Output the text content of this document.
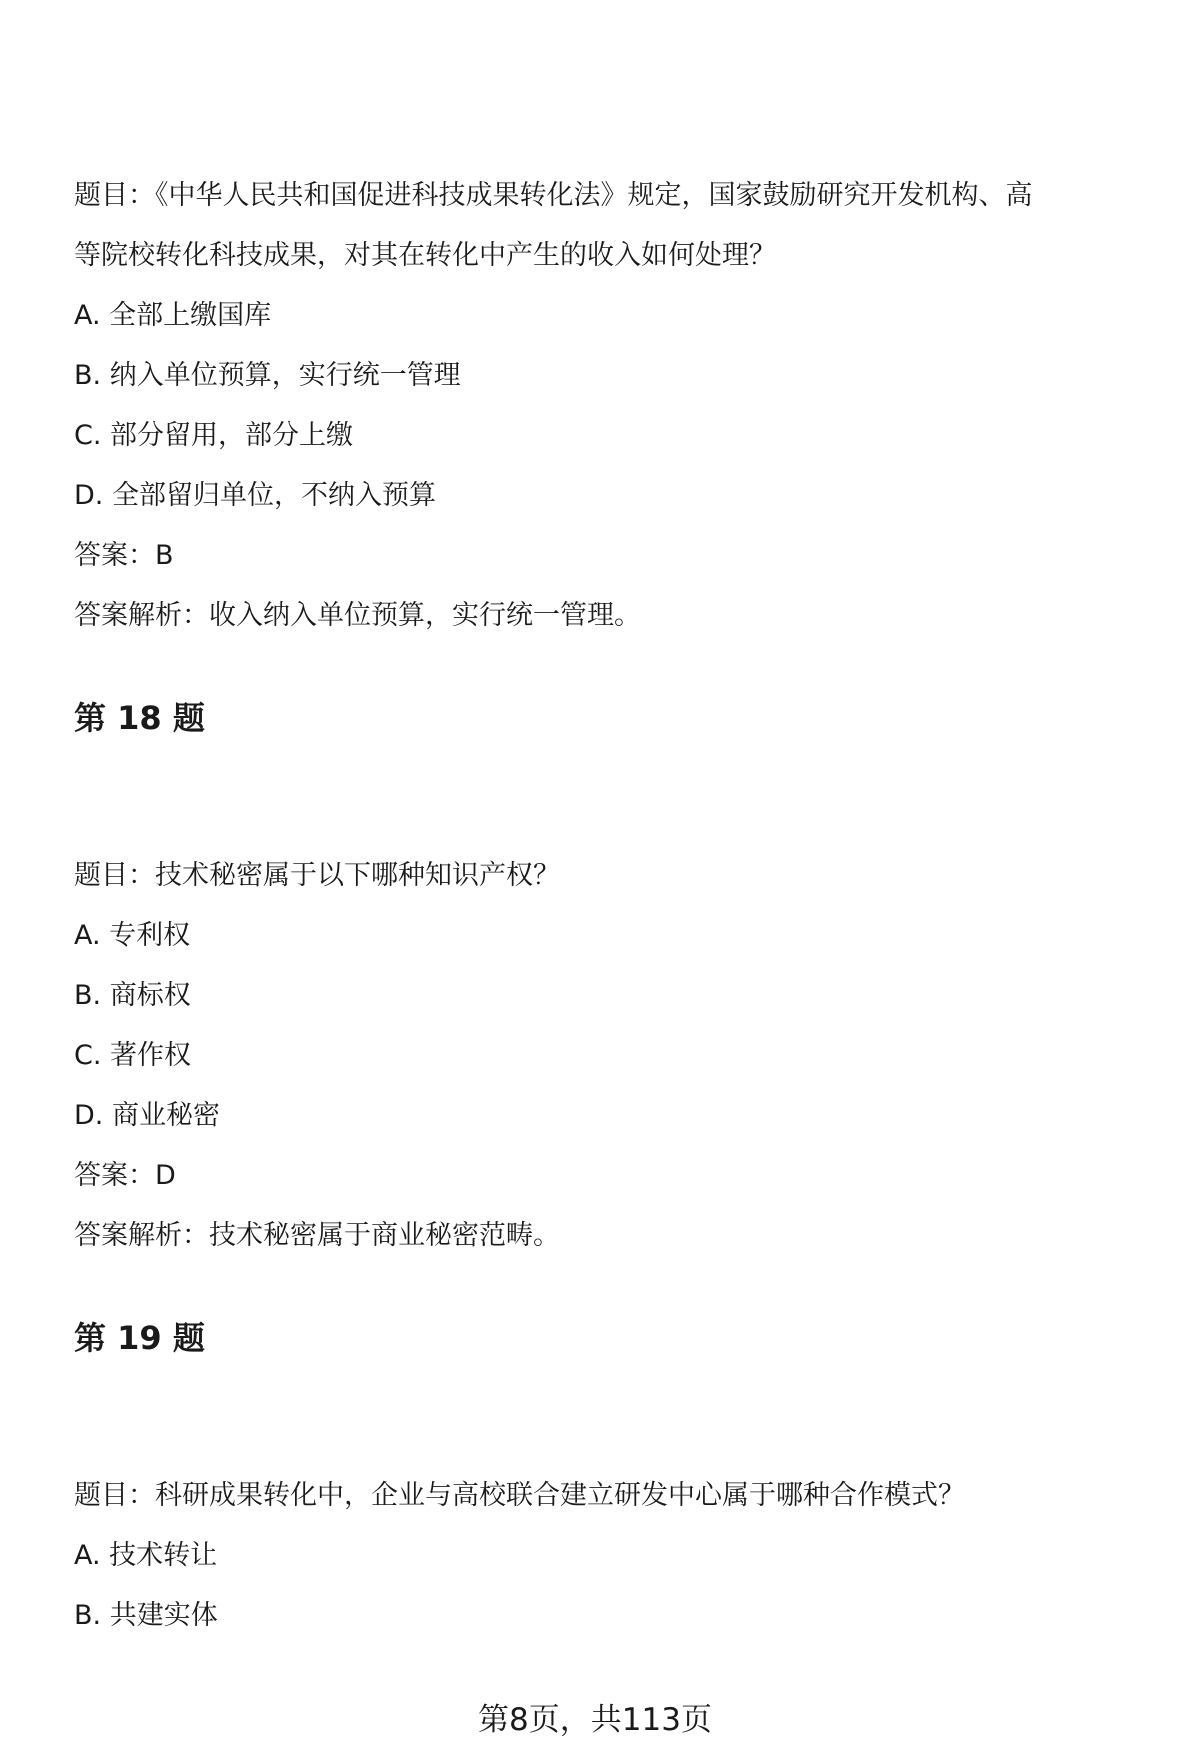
题目：《中华人民共和国促进科技成果转化法》规定，国家鼓励研究开发机构、高
等院校转化科技成果，对其在转化中产生的收入如何处理？
A. 全部上缴国库
B. 纳入单位预算，实行统一管理
C. 部分留用，部分上缴
D. 全部留归单位，不纳入预算
答案：B
答案解析：收入纳入单位预算，实行统一管理。
第 18 题
题目：技术秘密属于以下哪种知识产权？
A. 专利权
B. 商标权
C. 著作权
D. 商业秘密
答案：D
答案解析：技术秘密属于商业秘密范畴。
第 19 题
题目：科研成果转化中，企业与高校联合建立研发中心属于哪种合作模式？
A. 技术转让
B. 共建实体
第8页，共113页
